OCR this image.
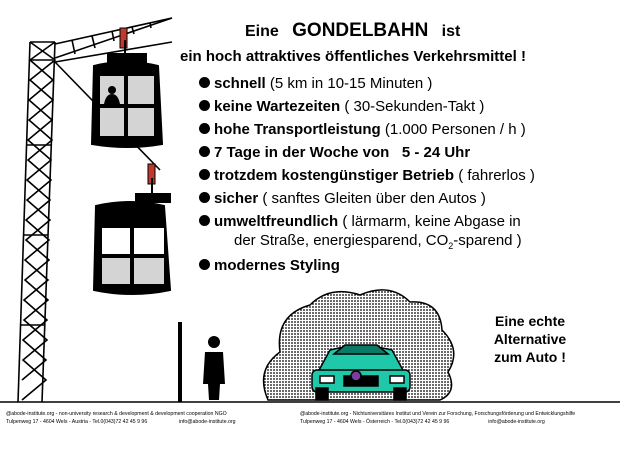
Eine GONDELBAHN ist
ein hoch attraktives öffentliches Verkehrsmittel !
schnell (5 km in 10-15 Minuten )
keine Wartezeiten ( 30-Sekunden-Takt )
hohe Transportleistung (1.000 Personen / h )
7 Tage in der Woche von 5 - 24 Uhr
trotzdem kostengünstiger Betrieb ( fahrerlos )
sicher ( sanftes Gleiten über den Autos )
umweltfreundlich ( lärmarm, keine Abgase in
der Straße, energiesparend, $CO_2$-sparend )
modernes Styling
Eine echte
Alternative
zum Auto !
@abode-institute.org - non-university research & development & development cooperation NGO
Tulpenweg 17 - 4604 Wels - Austria - Tel.0(043)72 42 45 9 96	info@abode-institute.org
@abode-institute.org - Nichtuniversitäres Institut und Verein zur Forschung, Forschungsförderung und Entwicklungshilfe
Tulpenweg 17 - 4604 Wels - Österreich - Tel.0(043)72 42 45 9 96	info@abode-institute.org
